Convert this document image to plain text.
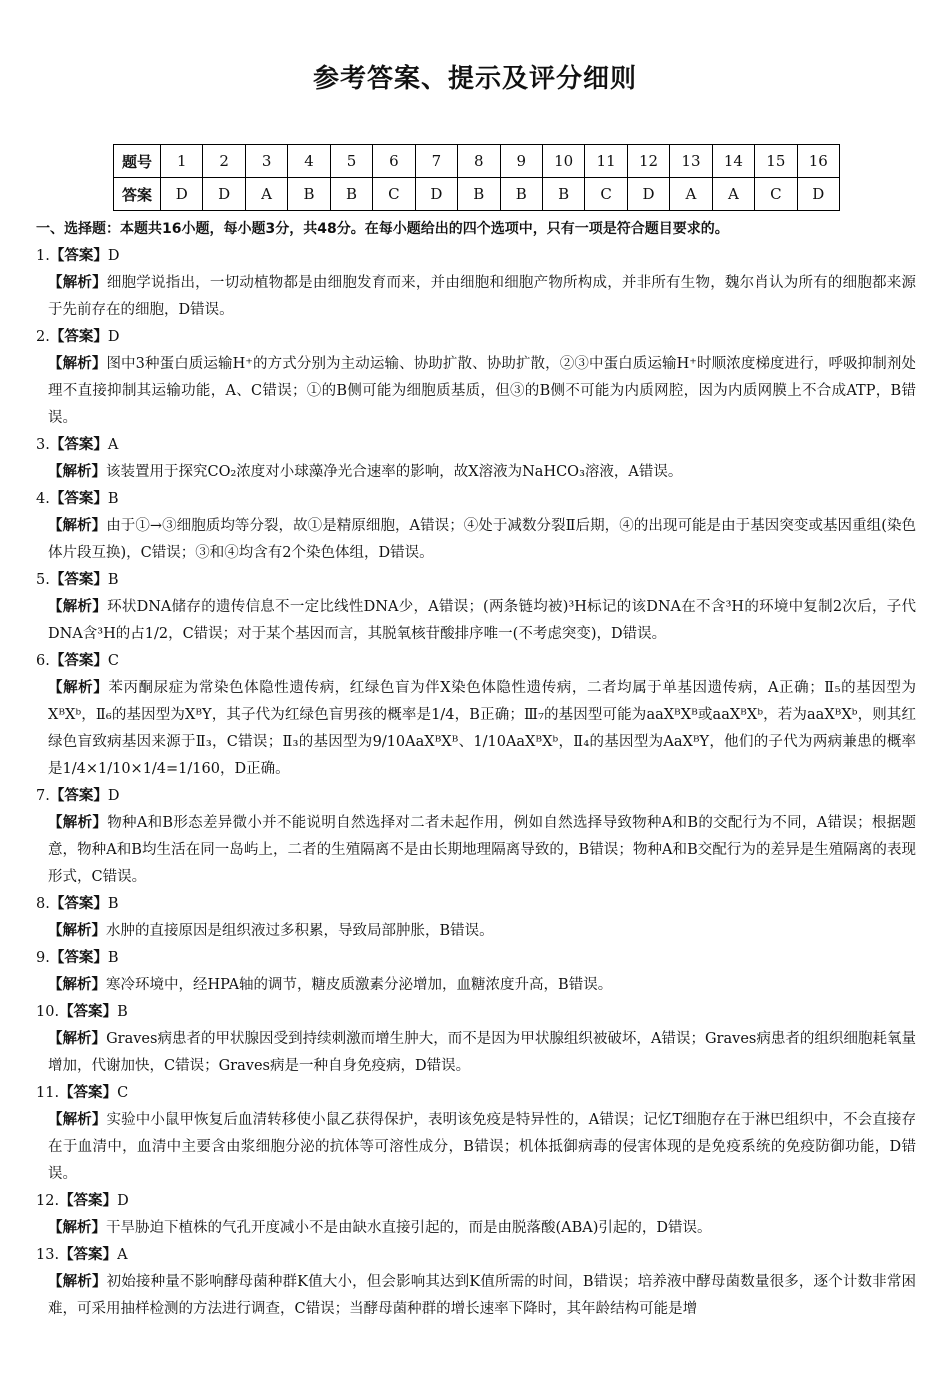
参考答案、提示及评分细则
题号	1	2	3	4	5	6	7	8	9	10	11	12	13	14	15	16
答案	D	D	A	B	B	C	D	B	B	B	C	D	A	A	C	D

一、选择题：本题共16小题，每小题3分，共48分。在每小题给出的四个选项中，只有一项是符合题目要求的。

1.【答案】D

【解析】细胞学说指出，一切动植物都是由细胞发育而来，并由细胞和细胞产物所构成，并非所有生物，魏尔肖认为所有的细胞都来源于先前存在的细胞，D错误。

2.【答案】D

【解析】图中3种蛋白质运输H⁺的方式分别为主动运输、协助扩散、协助扩散，②③中蛋白质运输H⁺时顺浓度梯度进行，呼吸抑制剂处理不直接抑制其运输功能，A、C错误；①的B侧可能为细胞质基质，但③的B侧不可能为内质网腔，因为内质网膜上不合成ATP，B错误。

3.【答案】A

【解析】该装置用于探究CO₂浓度对小球藻净光合速率的影响，故X溶液为NaHCO₃溶液，A错误。

4.【答案】B

【解析】由于①→③细胞质均等分裂，故①是精原细胞，A错误；④处于减数分裂Ⅱ后期，④的出现可能是由于基因突变或基因重组(染色体片段互换)，C错误；③和④均含有2个染色体组，D错误。

5.【答案】B

【解析】环状DNA储存的遗传信息不一定比线性DNA少，A错误；(两条链均被)³H标记的该DNA在不含³H的环境中复制2次后，子代DNA含³H的占1/2，C错误；对于某个基因而言，其脱氧核苷酸排序唯一(不考虑突变)，D错误。

6.【答案】C

【解析】苯丙酮尿症为常染色体隐性遗传病，红绿色盲为伴X染色体隐性遗传病，二者均属于单基因遗传病，A正确；Ⅱ₅的基因型为XᴮXᵇ，Ⅱ₆的基因型为XᴮY，其子代为红绿色盲男孩的概率是1/4，B正确；Ⅲ₇的基因型可能为aaXᴮXᴮ或aaXᴮXᵇ，若为aaXᴮXᵇ，则其红绿色盲致病基因来源于Ⅱ₃，C错误；Ⅱ₃的基因型为9/10AaXᴮXᴮ、1/10AaXᴮXᵇ，Ⅱ₄的基因型为AaXᴮY，他们的子代为两病兼患的概率是1/4×1/10×1/4=1/160，D正确。

7.【答案】D

【解析】物种A和B形态差异微小并不能说明自然选择对二者未起作用，例如自然选择导致物种A和B的交配行为不同，A错误；根据题意，物种A和B均生活在同一岛屿上，二者的生殖隔离不是由长期地理隔离导致的，B错误；物种A和B交配行为的差异是生殖隔离的表现形式，C错误。

8.【答案】B

【解析】水肿的直接原因是组织液过多积累，导致局部肿胀，B错误。

9.【答案】B

【解析】寒冷环境中，经HPA轴的调节，糖皮质激素分泌增加，血糖浓度升高，B错误。

10.【答案】B

【解析】Graves病患者的甲状腺因受到持续刺激而增生肿大，而不是因为甲状腺组织被破坏，A错误；Graves病患者的组织细胞耗氧量增加，代谢加快，C错误；Graves病是一种自身免疫病，D错误。

11.【答案】C

【解析】实验中小鼠甲恢复后血清转移使小鼠乙获得保护，表明该免疫是特异性的，A错误；记忆T细胞存在于淋巴组织中，不会直接存在于血清中，血清中主要含由浆细胞分泌的抗体等可溶性成分，B错误；机体抵御病毒的侵害体现的是免疫系统的免疫防御功能，D错误。

12.【答案】D

【解析】干旱胁迫下植株的气孔开度减小不是由缺水直接引起的，而是由脱落酸(ABA)引起的，D错误。

13.【答案】A

【解析】初始接种量不影响酵母菌种群K值大小，但会影响其达到K值所需的时间，B错误；培养液中酵母菌数量很多，逐个计数非常困难，可采用抽样检测的方法进行调查，C错误；当酵母菌种群的增长速率下降时，其年龄结构可能是增
